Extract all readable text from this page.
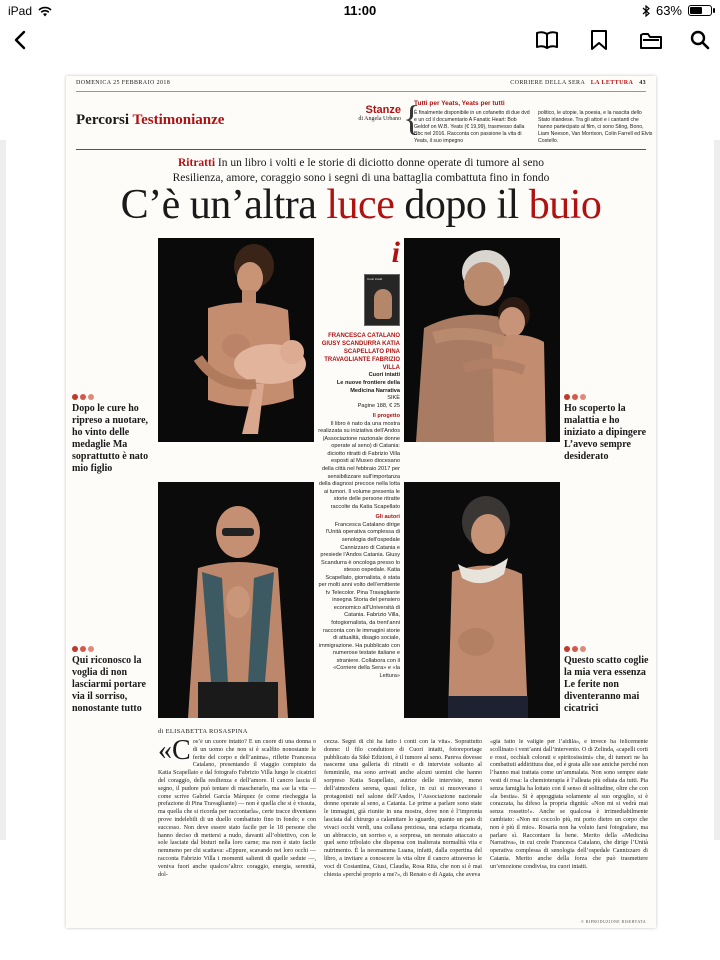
iPad	11:00	63%
DOMENICA 25 FEBBRAIO 2018	CORRIERE DELLA SERA LA LETTURA 43
Percorsi Testimonianze
Stanze
di Angela Urbano {
Tutti per Yeats, Yeats per tutti

È finalmente disponibile in un cofanetto di due dvd e un cd il documentario A Fanatic Heart: Bob Geldof on W.B. Yeats (€ 19,99), trasmesso dalla Bbc nel 2016. Racconta con passione la vita di Yeats, il suo impegno

politico, le utopie, la poesia, e la nascita dello Stato irlandese. Tra gli attori e i cantanti che hanno partecipato al film, ci sono Sting, Bono, Liam Neeson, Van Morrison, Colin Farrell ed Elvis Costello.

Ritratti In un libro i volti e le storie di diciotto donne operate di tumore al seno
Resilienza, amore, coraggio sono i segni di una battaglia combattuta fino in fondo
C’è un’altra luce dopo il buio
Dopo le cure ho ripreso a nuotare, ho vinto delle medaglie Ma soprattutto è nato mio figlio
Ho scoperto la malattia e ho iniziato a dipingere L’avevo sempre desiderato
Qui riconosco la voglia di non lasciarmi portare via il sorriso, nonostante tutto
Questo scatto coglie la mia vera essenza Le ferite non diventeranno mai cicatrici
i
Cuori intatti
FRANCESCA CATALANO GIUSY SCANDURRA KATIA SCAPELLATO PINA TRAVAGLIANTE FABRIZIO VILLA
Cuori intatti
Le nuove frontiere della Medicina Narrativa
SIKÈ
Pagine 188, € 25
Il progetto
Il libro è nato da una mostra realizzata su iniziativa dell’Andos (Associazione nazionale donne operate al seno) di Catania: diciotto ritratti di Fabrizio Villa esposti al Museo diocesano della città nel febbraio 2017 per sensibilizzare sull’importanza della diagnosi precoce nella lotta ai tumori. Il volume presenta le storie delle persone ritratte raccolte da Katia Scapellato
Gli autori
Francesca Catalano dirige l’Unità operativa complessa di senologia dell’ospedale Cannizzaro di Catania e presiede l’Andos Catania. Giusy Scandurra è oncologa presso lo stesso ospedale. Katia Scapellato, giornalista, è stata per molti anni volto dell’emittente tv Telecolor. Pina Travagliante insegna Storia del pensiero economico all’Università di Catania. Fabrizio Villa, fotogiornalista, da trent’anni racconta con le immagini storie di attualità, disagio sociale, immigrazione. Ha pubblicato con numerose testate italiane e straniere. Collabora con il «Corriere della Sera» e «la Lettura»
di ELISABETTA ROSASPINA
«C os’è un cuore intatto? È un cuore di una donna o di un uomo che non si è scalfito nonostante le ferite del corpo e dell’anima», riflette Francesca Catalano, presentando il viaggio compiuto da Katia Scapellato e dal fotografo Fabrizio Villa lungo le cicatrici del coraggio, della resilienza e dell’amore. Il cancro lascia il segno, il pudore può tentare di mascherarlo, ma «se la vita — come scrive Gabriel García Márquez (e come riecheggia la prefazione di Pina Travagliante) — non è quella che si è vissuta, ma quella che si ricorda per raccontarla», certe tracce diventano prove indelebili di un duello combattuto fino in fondo; e con successo. Non deve essere stato facile per le 18 persone che hanno deciso di mettersi a nudo, davanti all’obiettivo, con le sole lasciate dal bisturi nella loro carne; ma non è stato facile nemmeno per chi scattava: «Eppure, scavando nei loro occhi — racconta Fabrizio Villa i momenti salienti di quelle sedute —, veniva fuori anche qualcos’altro: coraggio, energia, serenità, dol-
cezza. Segni di chi ha fatto i conti con la vita». Soprattutto donne: il filo conduttore di Cuori intatti, fotoreportage pubblicato da Sikè Edizioni, è il tumore al seno. Pareva dovesse nascerne una galleria di ritratti e di interviste soltanto al femminile, ma sono arrivati anche alcuni uomini che hanno sorpreso Katia Scapellato, autrice delle interviste, meno dell’atmosfera serena, quasi felice, in cui si muovevano i protagonisti nel salone dell’Andos, l’Associazione nazionale donne operate al seno, a Catania. Le prime a parlare sono state le immagini, già riunite in una mostra, dove non è l’impronta lasciata dal chirurgo a calamitare lo sguardo, quanto un paio di vivaci occhi verdi, una collana preziosa, una sciarpa ricamata, un abbraccio, un sorriso e, a sorpresa, un neonato attaccato a quel seno tribolato che dispensa con inalterata normalità vita e nutrimento. È la neomamma Luana, infatti, dalla copertina del libro, a invitare a conoscere la vita oltre il cancro attraverso le voci di Costantina, Giusi, Claudia, Rosa Rita, che non si è mai chiesta «perché proprio a me?», di Renato e di Agata, che aveva
«già fatto le valigie per l’aldilà», e invece ha felicemente scollinato i vent’anni dall’intervento. O di Zelinda, «capelli corti e rossi, occhiali colorati e spiritosissimi» che, di tumori ne ha combattuti addirittura due, ed è grata alle sue amiche perché non l’hanno mai trattata come un’ammalata. Non sono sempre state vesti di rosa: la chemioterapia è l’alleata più odiata da tutti. Pia senza famiglia ha lottato con il senso di solitudine, oltre che con «la bestia». Si è appoggiata solamente al suo orgoglio, si è corazzata, ha difeso la propria dignità: «Non mi si vedrà mai senza rossetto!». Anche se qualcosa è irrimediabilmente cambiato: «Non mi coccolo più, mi porto dietro un corpo che non è più il mio». Rosaria non ha voluto farsi fotografare, ma parlare sì. Raccontare fa bene. Merito della «Medicina Narrativa», in cui crede Francesca Catalano, che dirige l’Unità operativa complessa di senologia dell’ospedale Cannizzaro di Catania. Merito anche della forza che può trasmettere un’emozione condivisa, tra cuori intatti.
© RIPRODUZIONE RISERVATA
